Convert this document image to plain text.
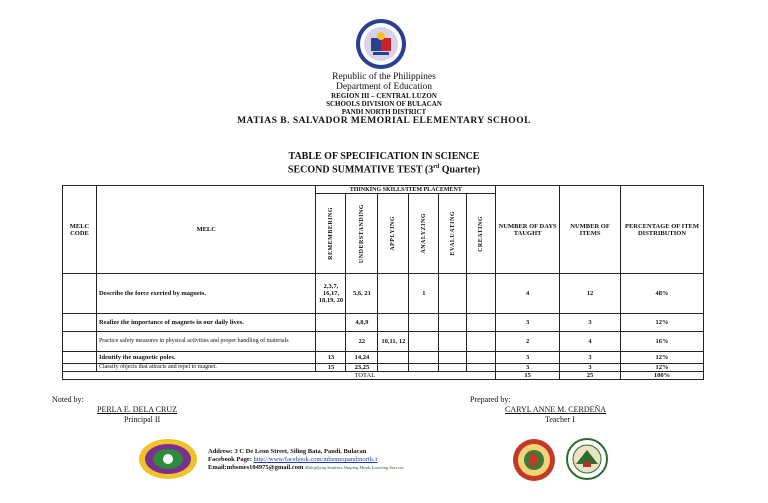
Republic of the Philippines
Department of Education
REGION III – CENTRAL LUZON
SCHOOLS DIVISION OF BULACAN
PANDI NORTH DISTRICT
MATIAS B. SALVADOR MEMORIAL ELEMENTARY SCHOOL
TABLE OF SPECIFICATION IN SCIENCE
SECOND SUMMATIVE TEST (3rd Quarter)
MELC CODE	MELC	THINKING SKILLS/ITEM PLACEMENT						NUMBER OF DAYS TAUGHT	NUMBER OF ITEMS	PERCENTAGE OF ITEM DISTRIBUTION

		REMEMBERING	UNDERSTANDING	APPLYING	ANALYZING	EVALUATING	CREATING			

	Describe the force exerted by magnets.	2,3,7, 16,17, 18,19, 20	5,6, 21		1			4	12	48%
	Realize the importance of magnets in our daily lives.		4,8,9					3	3	12%
	Practice safety measures in physical activities and proper handling of materials		22	10,11, 12				2	4	16%
	Identify the magnetic poles.	13	14,24					3	3	12%
	Classify objects that attracts and repel to magnet.	15	23,25					3	3	12%
TOTAL								15	25	100%
Noted by:
PERLA E. DELA CRUZ
Principal II
Prepared by:
CARYL ANNE M. CERDEÑA
Teacher I
Address: 3 C De Leon Street, Siling Bata, Pandi, Bulacan
Facebook Page: http://www/facebook.com/mbsmespandinorth.1
Email:mbsmes104975@gmail.com Multiplying Students Shaping Minds Learning Success
